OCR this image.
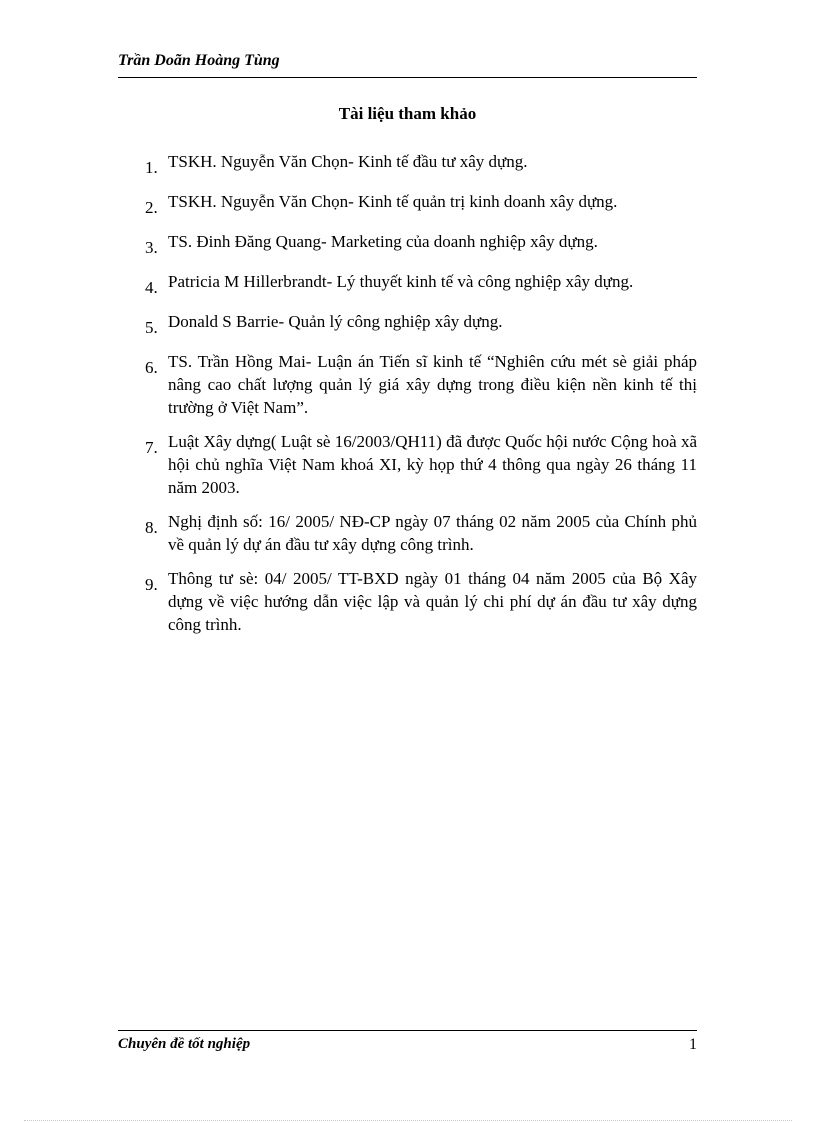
Trần Doãn Hoàng Tùng
Tài liệu tham khảo
1. TSKH. Nguyễn Văn Chọn- Kinh tế đầu tư xây dựng.
2. TSKH. Nguyễn Văn Chọn- Kinh tế quản trị kinh doanh xây dựng.
3. TS. Đinh Đăng Quang- Marketing của doanh nghiệp xây dựng.
4. Patricia M Hillerbrandt- Lý thuyết kinh tế và công nghiệp xây dựng.
5. Donald S Barrie- Quản lý công nghiệp xây dựng.
6. TS. Trần Hồng Mai- Luận án Tiến sĩ kinh tế “Nghiên cứu mét sè giải pháp nâng cao chất lượng quản lý giá xây dựng trong điều kiện nền kinh tế thị trường ở Việt Nam”.
7. Luật Xây dựng( Luật sè 16/2003/QH11) đã được Quốc hội nước Cộng hoà xã hội chủ nghĩa Việt Nam khoá XI, kỳ họp thứ 4 thông qua ngày 26 tháng 11 năm 2003.
8. Nghị định số: 16/ 2005/ NĐ-CP ngày 07 tháng 02 năm 2005 của Chính phủ về quản lý dự án đầu tư xây dựng công trình.
9. Thông tư sè: 04/ 2005/ TT-BXD ngày 01 tháng 04 năm 2005 của Bộ Xây dựng về việc hướng dẫn việc lập và quản lý chi phí dự án đầu tư xây dựng công trình.
Chuyên đề tốt nghiệp	1
